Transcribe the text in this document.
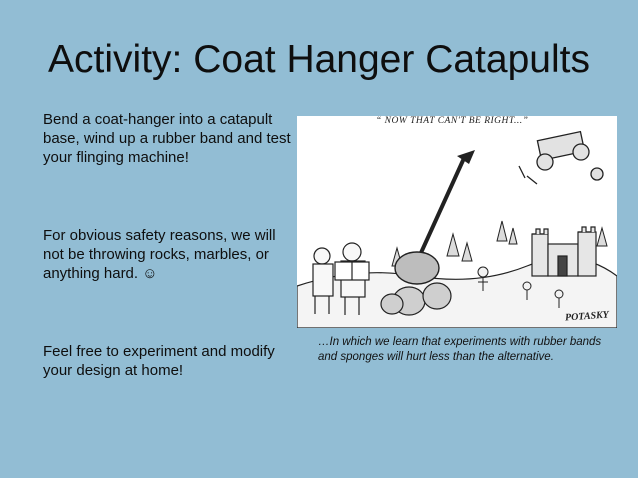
Activity: Coat Hanger Catapults
Bend a coat-hanger into a catapult base, wind up a rubber band and test your flinging machine!
For obvious safety reasons, we will not be throwing rocks, marbles, or anything hard. ☺
Feel free to experiment and modify your design at home!
“ NOW THAT CAN'T BE RIGHT...”
POTASKY
…In which we learn that experiments with rubber bands and sponges will hurt less than the alternative.
